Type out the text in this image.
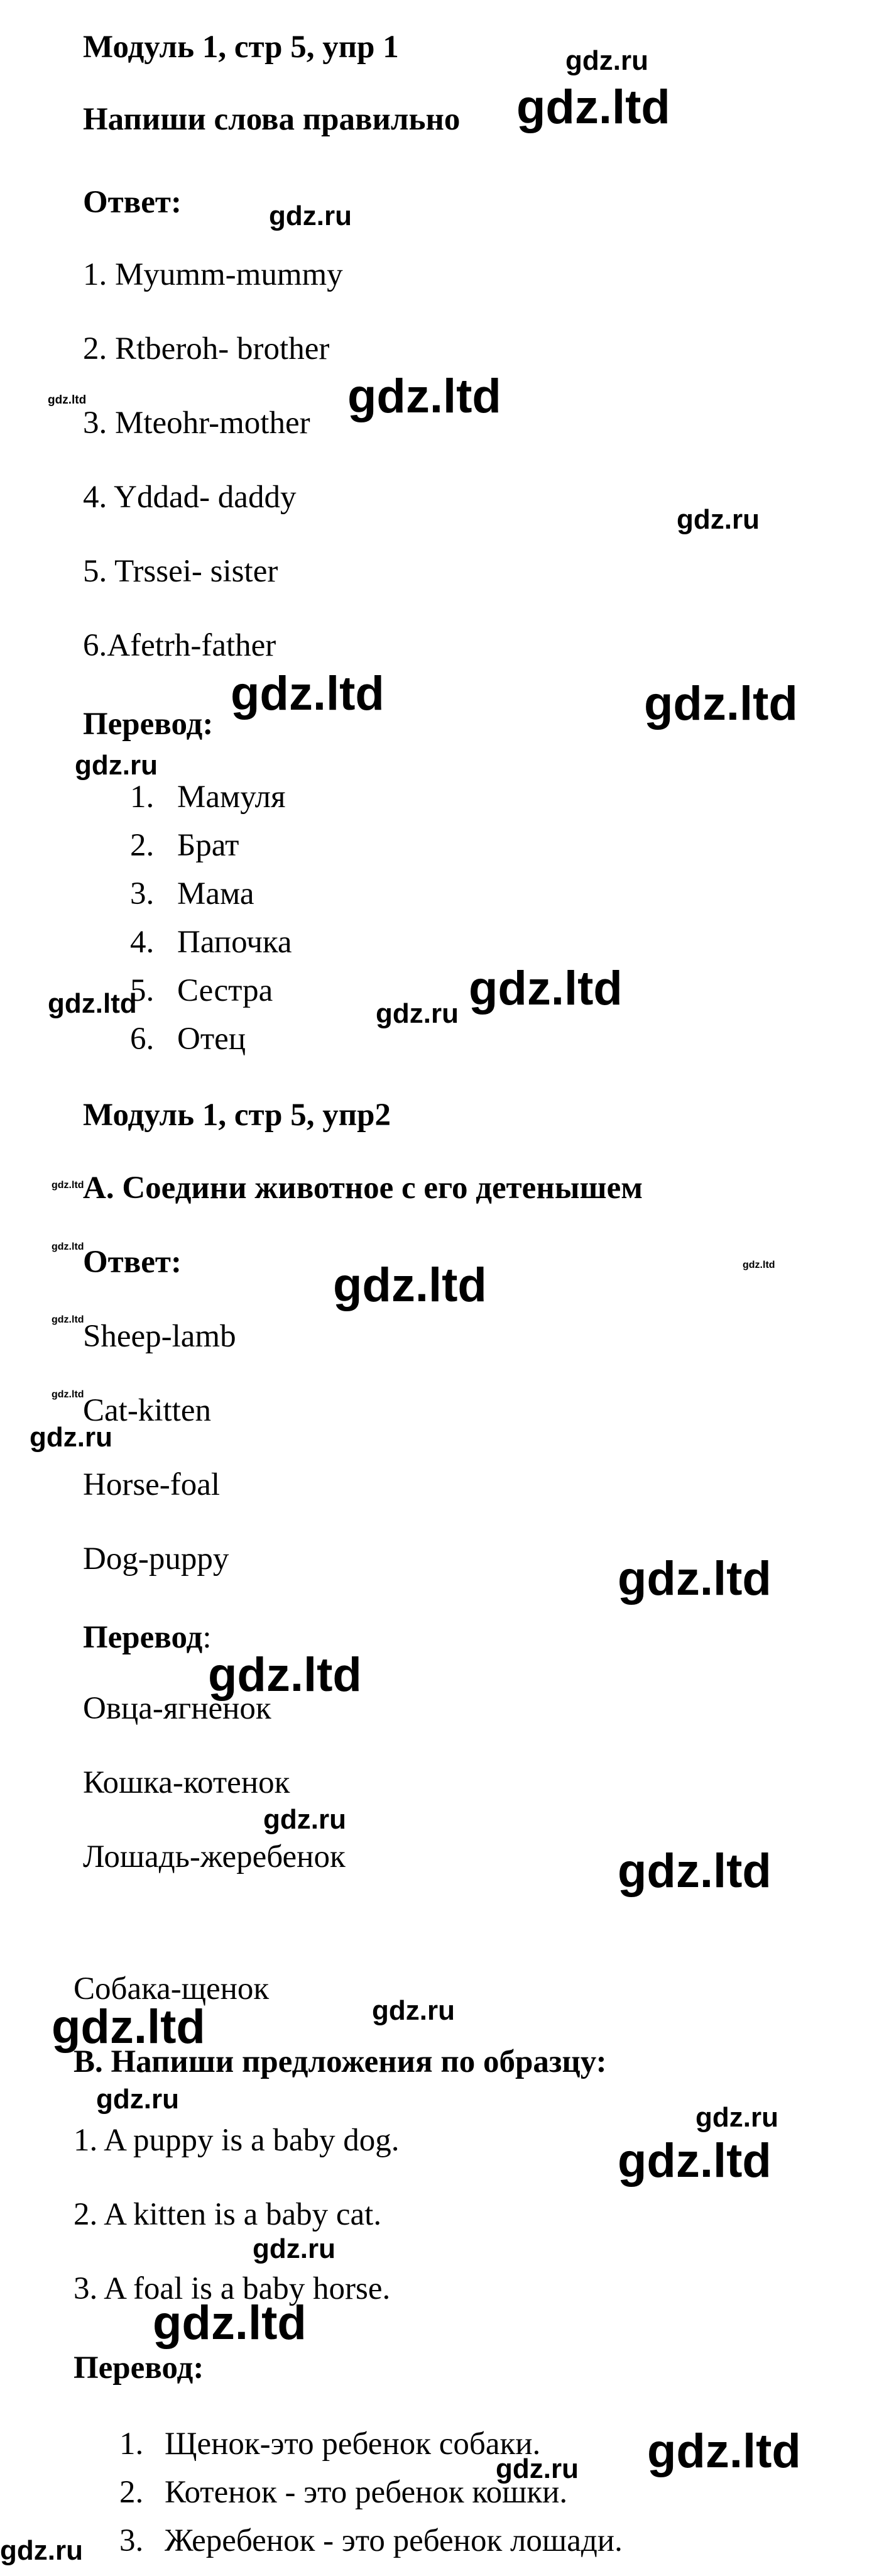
Модуль 1, стр 5, упр 1
Напиши слова правильно
Ответ:
1. Myumm-mummy
2. Rtberoh- brother
3. Mteohr-mother
4. Yddad- daddy
5. Trssei- sister
6.Afetrh-father
Перевод:
1. Мамуля
2. Брат
3. Мама
4. Папочка
5. Сестра
6. Отец
Модуль 1, стр 5, упр2
A. Соедини животное с его детенышем
Ответ:
Sheep-lamb
Cat-kitten
Horse-foal
Dog-puppy
Перевод:
Овца-ягненок
Кошка-котенок
Лошадь-жеребенок
Собака-щенок
B. Напиши предложения по образцу:
1. A puppy is a baby dog.
2. A kitten is a baby cat.
3. A foal is a baby horse.
Перевод:
1. Щенок-это ребенок собаки.
2. Котенок - это ребенок кошки.
3. Жеребенок - это ребенок лошади.
gdz.ru
gdz.ltd
gdz.ru
gdz.ltd	gdz.ltd
gdz.ru
gdz.ltd	gdz.ltd
gdz.ru
gdz.ltd	gdz.ru gdz.ltd
gdz.ltd
gdz.ltd
gdz.ltd	gdz.ltd
gdz.ltd
gdz.ltd
gdz.ru
gdz.ltd
gdz.ltd
gdz.ru
gdz.ltd
gdz.ltd	gdz.ru
gdz.ru
gdz.ru
gdz.ltd
gdz.ru
gdz.ltd
gdz.ltd
gdz.ru
gdz.ru
